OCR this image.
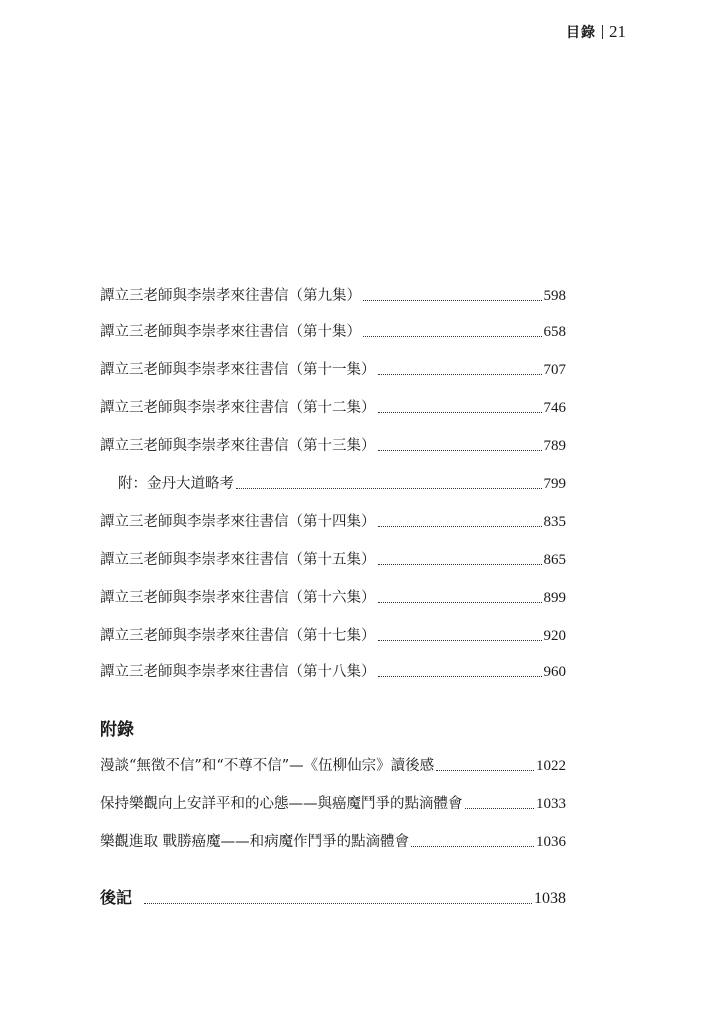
目錄 21
譚立三老師與李崇孝來往書信（第九集）	598
譚立三老師與李崇孝來往書信（第十集）	658
譚立三老師與李崇孝來往書信（第十一集）	707
譚立三老師與李崇孝來往書信（第十二集）	746
譚立三老師與李崇孝來往書信（第十三集）	789
附：金丹大道略考	799
譚立三老師與李崇孝來往書信（第十四集）	835
譚立三老師與李崇孝來往書信（第十五集）	865
譚立三老師與李崇孝來往書信（第十六集）	899
譚立三老師與李崇孝來往書信（第十七集）	920
譚立三老師與李崇孝來往書信（第十八集）	960
附錄
漫談“無徵不信”和“不尊不信”—《伍柳仙宗》讀後感	1022
保持樂觀向上安詳平和的心態——與癌魔鬥爭的點滴體會	1033
樂觀進取 戰勝癌魔——和病魔作鬥爭的點滴體會	1036
後記	1038
